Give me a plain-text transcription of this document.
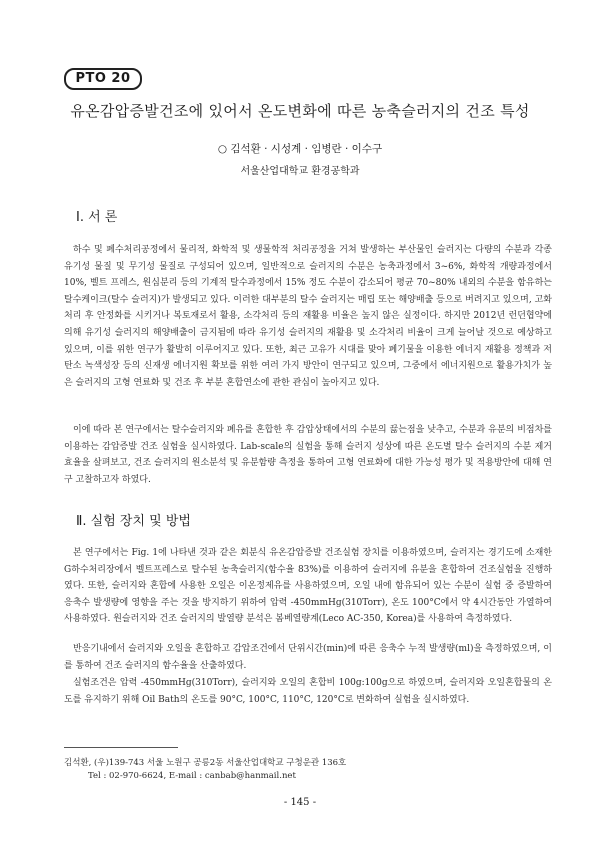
PTO 20
유온감압증발건조에 있어서 온도변화에 따른 농축슬러지의 건조 특성
○ 김석환 · 시성계 · 임병란 · 이수구
서울산업대학교 환경공학과
Ⅰ. 서 론

하수 및 폐수처리공정에서 물리적, 화학적 및 생물학적 처리공정을 거쳐 발생하는 부산물인 슬러지는 다량의 수분과 각종 유기성 물질 및 무기성 물질로 구성되어 있으며, 일반적으로 슬러지의 수분은 농축과정에서 3~6%, 화학적 개량과정에서 10%, 벨트 프레스, 원심분리 등의 기계적 탈수과정에서 15% 정도 수분이 감소되어 평균 70~80% 내외의 수분을 함유하는 탈수케이크(탈수 슬러지)가 발생되고 있다. 이러한 대부분의 탈수 슬러지는 매립 또는 해양배출 등으로 버려지고 있으며, 고화처리 후 안정화를 시키거나 복토재로서 활용, 소각처리 등의 재활용 비율은 높지 않은 실정이다. 하지만 2012년 런던협약에 의해 유기성 슬러지의 해양배출이 금지됨에 따라 유기성 슬러지의 재활용 및 소각처리 비율이 크게 늘어날 것으로 예상하고 있으며, 이를 위한 연구가 활발히 이루어지고 있다. 또한, 최근 고유가 시대를 맞아 폐기물을 이용한 에너지 재활용 정책과 저탄소 녹색성장 등의 신재생 에너지원 확보를 위한 여러 가지 방안이 연구되고 있으며, 그중에서 에너지원으로 활용가치가 높은 슬러지의 고형 연료화 및 건조 후 부분 혼합연소에 관한 관심이 높아지고 있다.

이에 따라 본 연구에서는 탈수슬러지와 폐유를 혼합한 후 감압상태에서의 수분의 끓는점을 낮추고, 수분과 유분의 비점차를 이용하는 감압증발 건조 실험을 실시하였다. Lab-scale의 실험을 통해 슬러지 성상에 따른 온도별 탈수 슬러지의 수분 제거효율을 살펴보고, 건조 슬러지의 원소분석 및 유분함량 측정을 통하여 고형 연료화에 대한 가능성 평가 및 적용방안에 대해 연구 고찰하고자 하였다.

Ⅱ. 실험 장치 및 방법

본 연구에서는 Fig. 1에 나타낸 것과 같은 회분식 유온감압증발 건조실험 장치를 이용하였으며, 슬러지는 경기도에 소재한 G하수처리장에서 벨트프레스로 탈수된 농축슬러지(함수율 83%)를 이용하여 슬러지에 유분을 혼합하여 건조실험을 진행하였다. 또한, 슬러지와 혼합에 사용한 오일은 이온정제유를 사용하였으며, 오일 내에 함유되어 있는 수분이 실험 중 증발하여 응축수 발생량에 영향을 주는 것을 방지하기 위하여 압력 -450mmHg(310Torr), 온도 100°C에서 약 4시간동안 가열하여 사용하였다. 원슬러지와 건조 슬러지의 발열량 분석은 봄베열량계(Leco AC-350, Korea)를 사용하여 측정하였다.

반응기내에서 슬러지와 오일을 혼합하고 감압조건에서 단위시간(min)에 따른 응축수 누적 발생량(ml)을 측정하였으며, 이를 통하여 건조 슬러지의 함수율을 산출하였다.

실험조건은 압력 -450mmHg(310Torr), 슬러지와 오일의 혼합비 100g:100g으로 하였으며, 슬러지와 오일혼합물의 온도를 유지하기 위해 Oil Bath의 온도를 90°C, 100°C, 110°C, 120°C로 변화하여 실험을 실시하였다.

김석환, (우)139-743 서울 노원구 공릉2동 서울산업대학교 구청운관 136호
Tel : 02-970-6624, E-mail : canbab@hanmail.net
- 145 -
